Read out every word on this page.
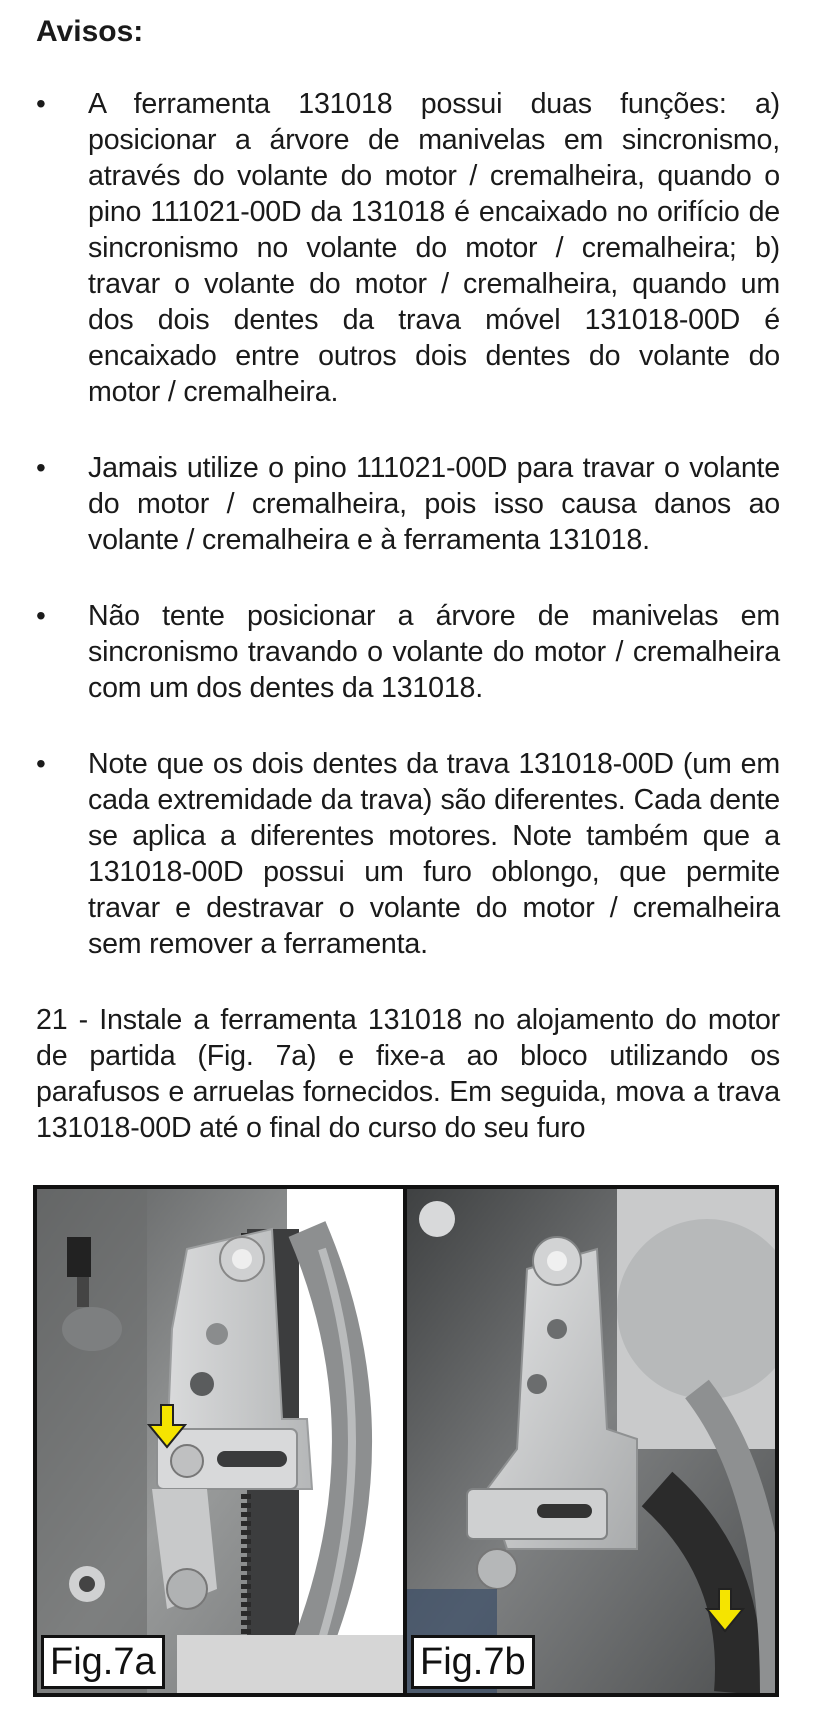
Avisos:
• A ferramenta 131018 possui duas funções: a) posicionar a árvore de manivelas em sincronismo, através do volante do motor / cremalheira, quando o pino 111021-00D da 131018 é encaixado no orifício de sincronismo no volante do motor / cremalheira; b) travar o volante do motor / cremalheira, quando um dos dois dentes da trava móvel 131018-00D é encaixado entre outros dois dentes do volante do motor / cremalheira.

• Jamais utilize o pino 111021-00D para travar o volante do motor / cremalheira, pois isso causa danos ao volante / cremalheira e à ferramenta 131018.

• Não tente posicionar a árvore de manivelas em sincronismo travando o volante do motor / cremalheira com um dos dentes da 131018.

• Note que os dois dentes da trava 131018-00D (um em cada extremidade da trava) são diferentes. Cada dente se aplica a diferentes motores. Note também que a 131018-00D possui um furo oblongo, que permite travar e destravar o volante do motor / cremalheira sem remover a ferramenta.

21 - Instale a ferramenta 131018 no alojamento do motor de partida (Fig. 7a) e fixe-a ao bloco utilizando os parafusos e arruelas fornecidos. Em seguida, mova a trava 131018-00D até o final do curso do seu furo

Fig.7a	Fig.7b
